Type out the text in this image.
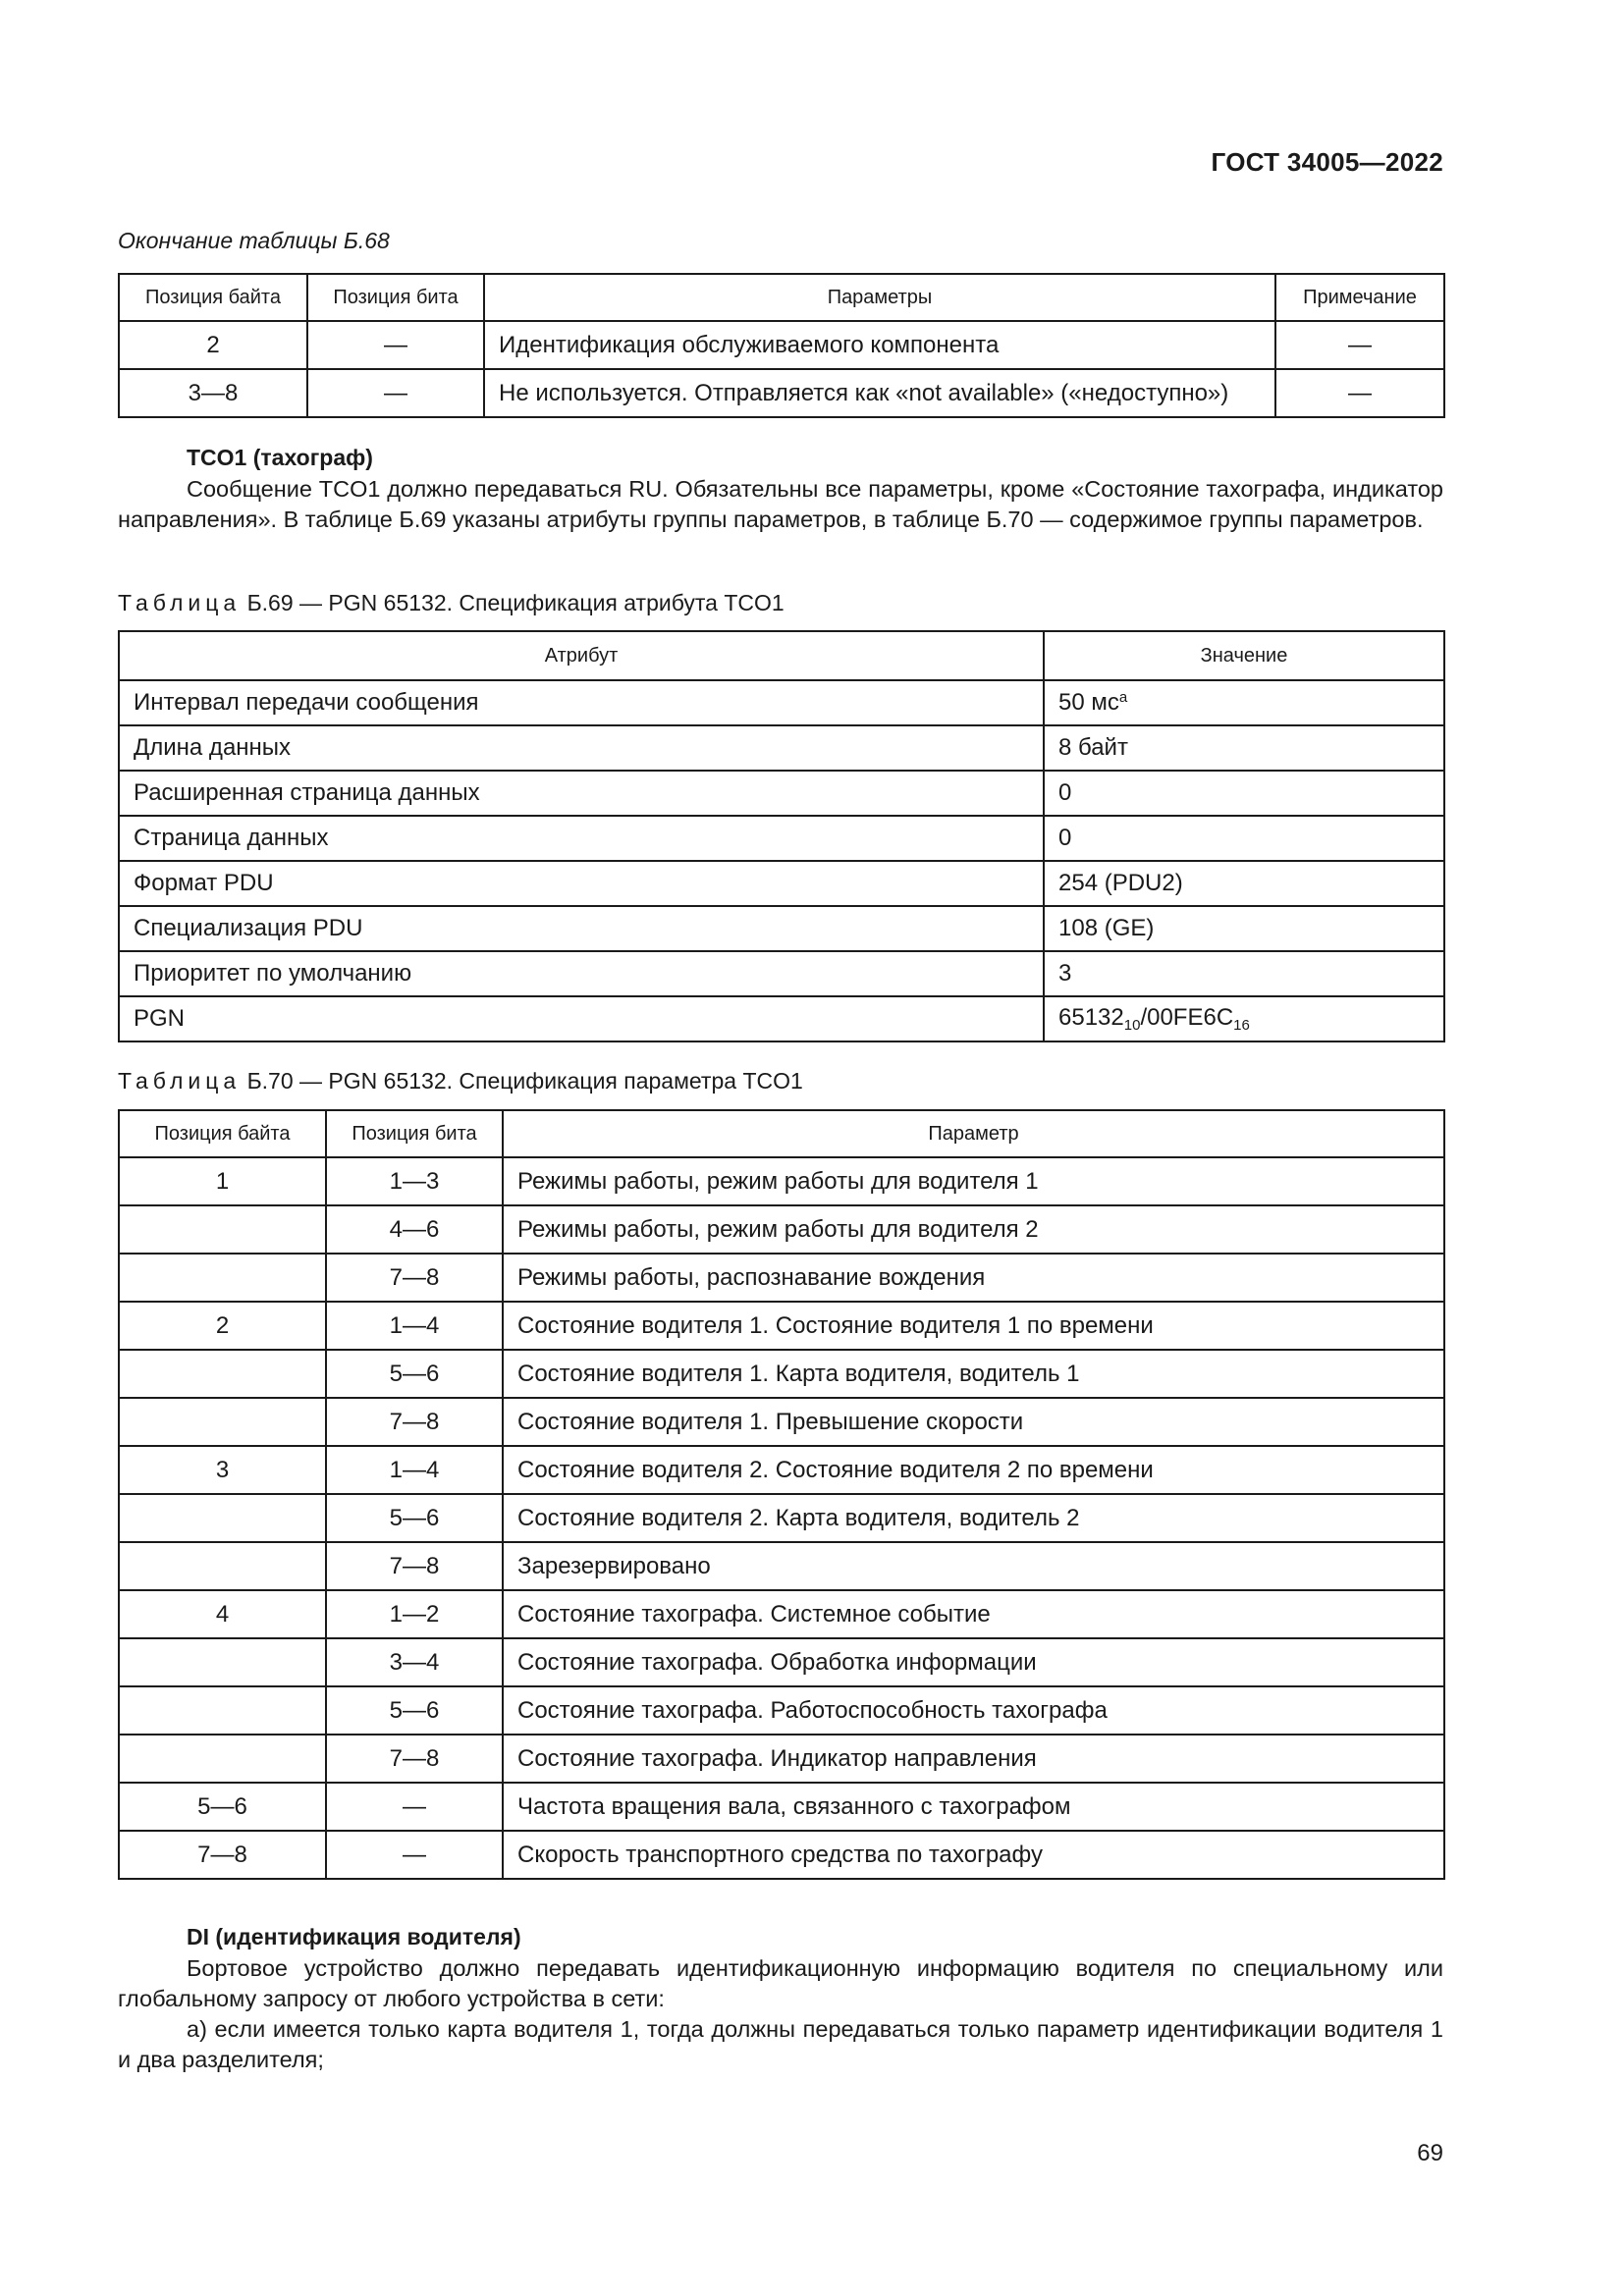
ГОСТ 34005—2022
Окончание таблицы Б.68
Позиция байта	Позиция бита	Параметры	Примечание
2	—	Идентификация обслуживаемого компонента	—
3—8	—	Не используется. Отправляется как «not available» («недоступно»)	—
TCO1 (тахограф)
Сообщение TCO1 должно передаваться RU. Обязательны все параметры, кроме «Состояние тахографа, индикатор направления». В таблице Б.69 указаны атрибуты группы параметров, в таблице Б.70 — содержимое группы параметров.
Таблица Б.69 — PGN 65132. Спецификация атрибута TCO1
Атрибут	Значение
Интервал передачи сообщения	50 $мс^a$
Длина данных	8 байт
Расширенная страница данных	0
Страница данных	0
Формат PDU	254 (PDU2)
Специализация PDU	108 (GE)
Приоритет по умолчанию	3
PGN	$65132_{10}/00FE6C_{16}$
Таблица Б.70 — PGN 65132. Спецификация параметра TCO1
Позиция байта	Позиция бита	Параметр
1	1—3	Режимы работы, режим работы для водителя 1
	4—6	Режимы работы, режим работы для водителя 2
	7—8	Режимы работы, распознавание вождения
2	1—4	Состояние водителя 1. Состояние водителя 1 по времени
	5—6	Состояние водителя 1. Карта водителя, водитель 1
	7—8	Состояние водителя 1. Превышение скорости
3	1—4	Состояние водителя 2. Состояние водителя 2 по времени
	5—6	Состояние водителя 2. Карта водителя, водитель 2
	7—8	Зарезервировано
4	1—2	Состояние тахографа. Системное событие
	3—4	Состояние тахографа. Обработка информации
	5—6	Состояние тахографа. Работоспособность тахографа
	7—8	Состояние тахографа. Индикатор направления
5—6	—	Частота вращения вала, связанного с тахографом
7—8	—	Скорость транспортного средства по тахографу
DI (идентификация водителя)
Бортовое устройство должно передавать идентификационную информацию водителя по специальному или глобальному запросу от любого устройства в сети:
а) если имеется только карта водителя 1, тогда должны передаваться только параметр идентификации водителя 1 и два разделителя;
69
